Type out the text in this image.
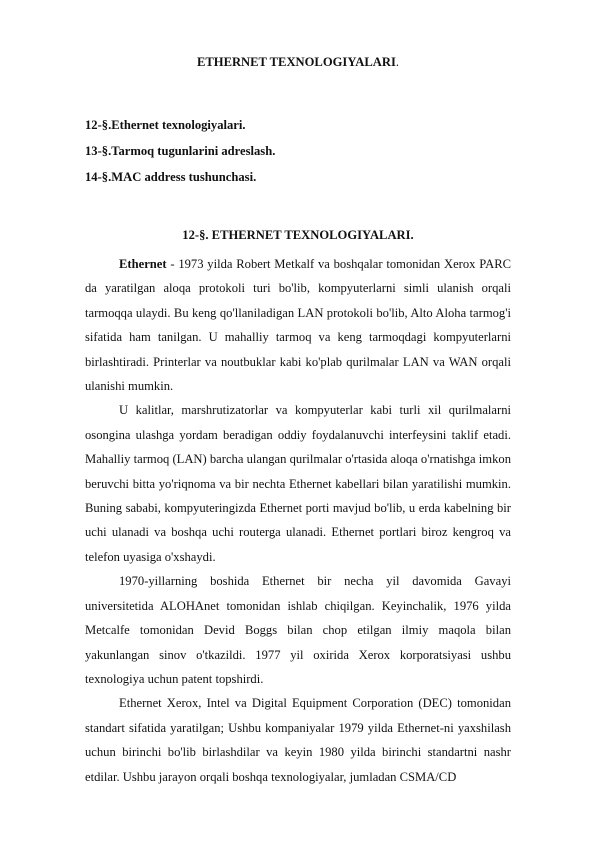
ETHERNET TEXNOLOGIYALARI.
12-§.Ethernet texnologiyalari.
13-§.Tarmoq tugunlarini adreslash.
14-§.MAC address tushunchasi.
12-§. ETHERNET TEXNOLOGIYALARI.

Ethernet - 1973 yilda Robert Metkalf va boshqalar tomonidan Xerox PARC da yaratilgan aloqa protokoli turi bo'lib, kompyuterlarni simli ulanish orqali tarmoqqa ulaydi. Bu keng qo'llaniladigan LAN protokoli bo'lib, Alto Aloha tarmog'i sifatida ham tanilgan. U mahalliy tarmoq va keng tarmoqdagi kompyuterlarni birlashtiradi. Printerlar va noutbuklar kabi ko'plab qurilmalar LAN va WAN orqali ulanishi mumkin.

U kalitlar, marshrutizatorlar va kompyuterlar kabi turli xil qurilmalarni osongina ulashga yordam beradigan oddiy foydalanuvchi interfeysini taklif etadi. Mahalliy tarmoq (LAN) barcha ulangan qurilmalar o'rtasida aloqa o'rnatishga imkon beruvchi bitta yo'riqnoma va bir nechta Ethernet kabellari bilan yaratilishi mumkin. Buning sababi, kompyuteringizda Ethernet porti mavjud bo'lib, u erda kabelning bir uchi ulanadi va boshqa uchi routerga ulanadi. Ethernet portlari biroz kengroq va telefon uyasiga o'xshaydi.

1970-yillarning boshida Ethernet bir necha yil davomida Gavayi universitetida ALOHAnet tomonidan ishlab chiqilgan. Keyinchalik, 1976 yilda Metcalfe tomonidan Devid Boggs bilan chop etilgan ilmiy maqola bilan yakunlangan sinov o'tkazildi. 1977 yil oxirida Xerox korporatsiyasi ushbu texnologiya uchun patent topshirdi.

Ethernet Xerox, Intel va Digital Equipment Corporation (DEC) tomonidan standart sifatida yaratilgan; Ushbu kompaniyalar 1979 yilda Ethernet-ni yaxshilash uchun birinchi bo'lib birlashdilar va keyin 1980 yilda birinchi standartni nashr etdilar. Ushbu jarayon orqali boshqa texnologiyalar, jumladan CSMA/CD
